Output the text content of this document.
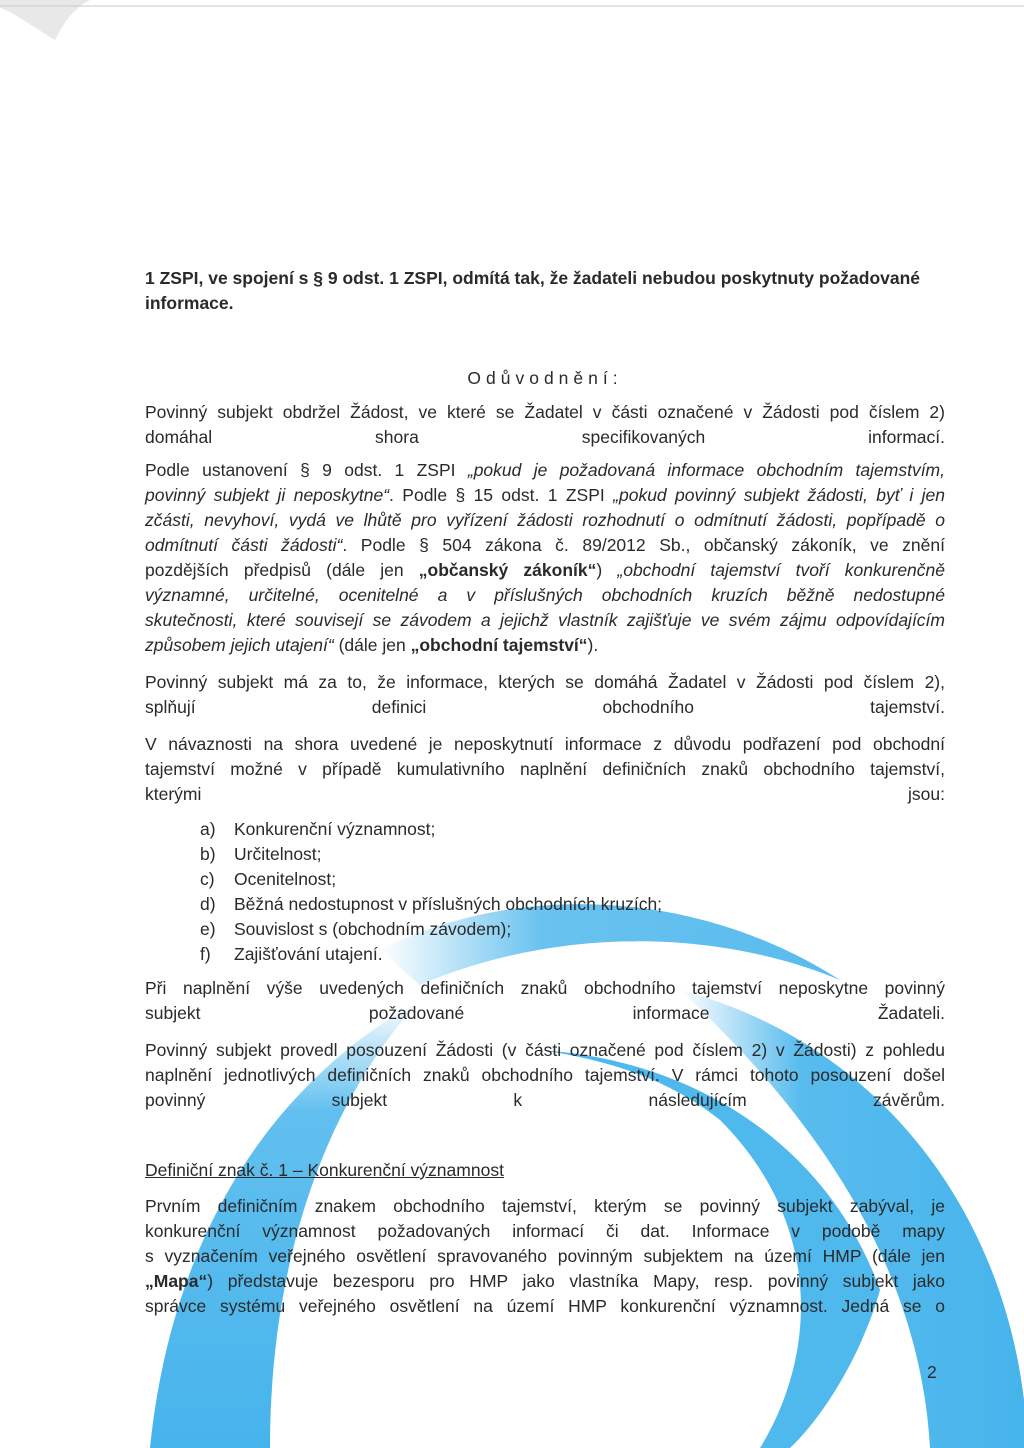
1 ZSPI, ve spojení s § 9 odst. 1 ZSPI, odmítá tak, že žadateli nebudou poskytnuty požadované
informace.

Odůvodnění:

Povinný subjekt obdržel Žádost, ve které se Žadatel v části označené v Žádosti pod číslem 2)
domáhal shora specifikovaných informací.

Podle ustanovení § 9 odst. 1 ZSPI „pokud je požadovaná informace obchodním tajemstvím,
povinný subjekt ji neposkytne“. Podle § 15 odst. 1 ZSPI „pokud povinný subjekt žádosti, byť i jen
zčásti, nevyhoví, vydá ve lhůtě pro vyřízení žádosti rozhodnutí o odmítnutí žádosti, popřípadě o
odmítnutí části žádosti“. Podle § 504 zákona č. 89/2012 Sb., občanský zákoník, ve znění
pozdějších předpisů (dále jen „občanský zákoník“) „obchodní tajemství tvoří konkurenčně
významné, určitelné, ocenitelné a v příslušných obchodních kruzích běžně nedostupné
skutečnosti, které souvisejí se závodem a jejichž vlastník zajišťuje ve svém zájmu odpovídajícím
způsobem jejich utajení“ (dále jen „obchodní tajemství“).

Povinný subjekt má za to, že informace, kterých se domáhá Žadatel v Žádosti pod číslem 2),
splňují definici obchodního tajemství.

V návaznosti na shora uvedené je neposkytnutí informace z důvodu podřazení pod obchodní
tajemství možné v případě kumulativního naplnění definičních znaků obchodního tajemství,
kterými jsou:

a)	Konkurenční významnost;
b)	Určitelnost;
c)	Ocenitelnost;
d)	Běžná nedostupnost v příslušných obchodních kruzích;
e)	Souvislost s (obchodním závodem);
f)	Zajišťování utajení.

Při naplnění výše uvedených definičních znaků obchodního tajemství neposkytne povinný
subjekt požadované informace Žadateli.

Povinný subjekt provedl posouzení Žádosti (v části označené pod číslem 2) v Žádosti) z pohledu
naplnění jednotlivých definičních znaků obchodního tajemství. V rámci tohoto posouzení došel
povinný subjekt k následujícím závěrům.

Definiční znak č. 1 – Konkurenční významnost

Prvním definičním znakem obchodního tajemství, kterým se povinný subjekt zabýval, je
konkurenční významnost požadovaných informací či dat. Informace v podobě mapy
s vyznačením veřejného osvětlení spravovaného povinným subjektem na území HMP (dále jen
„Mapa“) představuje bezesporu pro HMP jako vlastníka Mapy, resp. povinný subjekt jako
správce systému veřejného osvětlení na území HMP konkurenční významnost. Jedná se o

2
